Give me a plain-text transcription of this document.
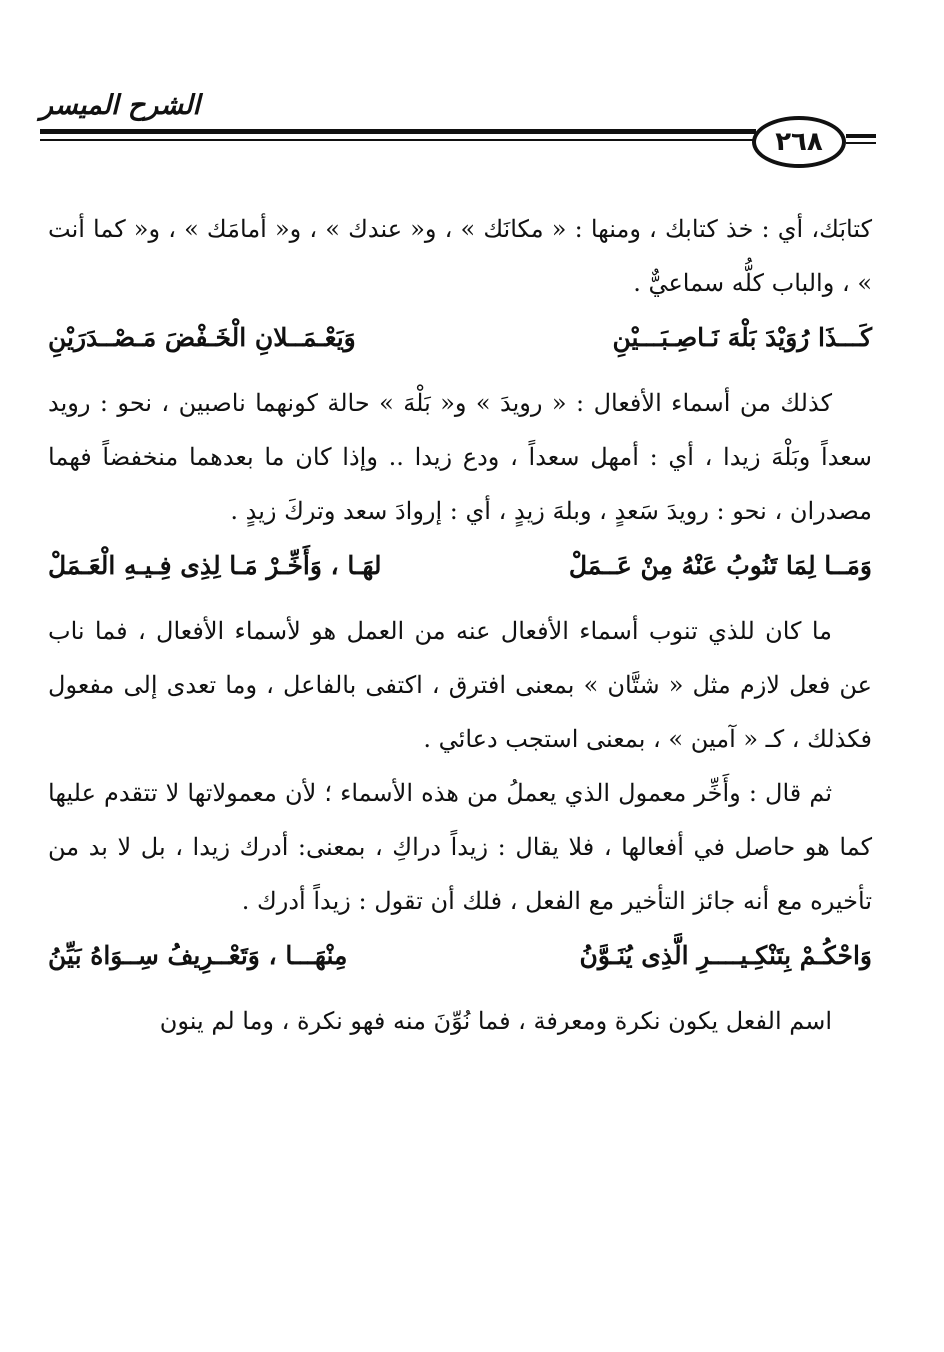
الشرح الميسر
٢٦٨

كتابَك، أي : خذ كتابك ، ومنها : « مكانَك » ، و« عندك » ، و« أمامَك » ، و« كما أنت » ، والباب كلُّه سماعيٌّ .

كَـــذَا رُوَيْدَ بَلْهَ نَـاصِـبَـــيْنِ
وَيَعْـمَــلانِ الْخَـفْضَ مَـصْــدَرَيْنِ

كذلك من أسماء الأفعال : « رويدَ » و« بَلْهَ » حالة كونهما ناصبين ، نحو : رويد سعداً وبَلْهَ زيدا ، أي : أمهل سعداً ، ودع زيدا .. وإذا كان ما بعدهما منخفضاً فهما مصدران ، نحو : رويدَ سَعدٍ ، وبلهَ زيدٍ ، أي : إروادَ سعد وتركَ زيدٍ .

وَمَــا لِمَا تَنُوبُ عَنْهُ مِنْ عَــمَلْ
لهَـا ، وَأَخِّـرْ مَـا لِذِى فِـيـهِ الْعَـمَلْ

ما كان للذي تنوب أسماء الأفعال عنه من العمل هو لأسماء الأفعال ، فما ناب عن فعل لازم مثل « شتَّان » بمعنى افترق ، اكتفى بالفاعل ، وما تعدى إلى مفعول فكذلك ، كـ « آمين » ، بمعنى استجب دعائي .

ثم قال : وأَخِّر معمول الذي يعملُ من هذه الأسماء ؛ لأن معمولاتها لا تتقدم عليها كما هو حاصل في أفعالها ، فلا يقال : زيداً دراكِ ، بمعنى: أدرك زيدا ، بل لا بد من تأخيره مع أنه جائز التأخير مع الفعل ، فلك أن تقول : زيداً أدرك .

وَاحْكُـمْ بِتَنْكِـيــــرِ الَّذِى يُنَـوَّنُ
مِنْهَـــا ، وَتَعْــرِيفُ سِــوَاهُ بَيِّنُ

اسم الفعل يكون نكرة ومعرفة ، فما نُوِّنَ منه فهو نكرة ، وما لم ينون
